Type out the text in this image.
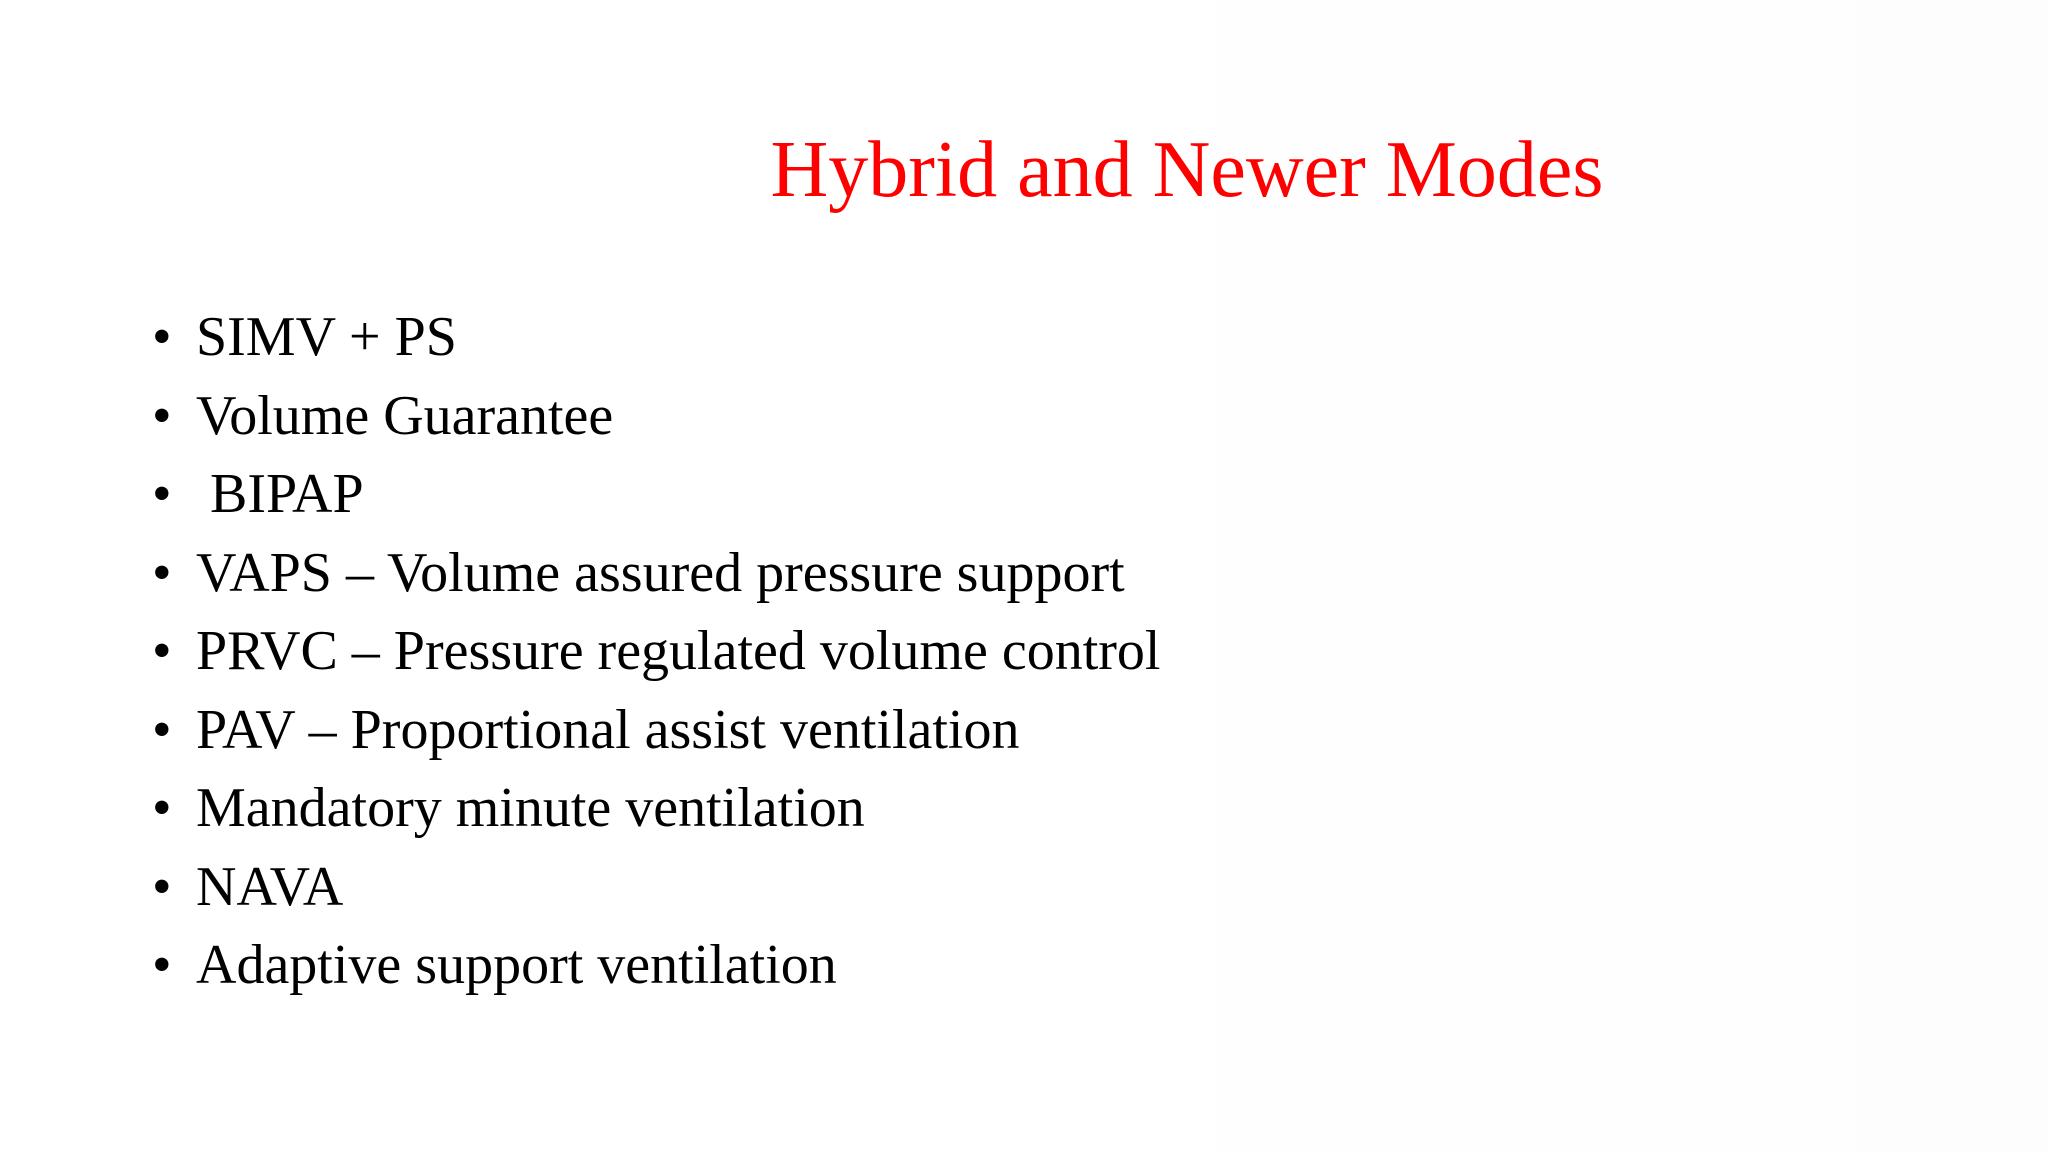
Hybrid and Newer Modes
• SIMV + PS
• Volume Guarantee
• BIPAP
• VAPS – Volume assured pressure support
• PRVC – Pressure regulated volume control
• PAV – Proportional assist ventilation
• Mandatory minute ventilation
• NAVA
• Adaptive support ventilation
